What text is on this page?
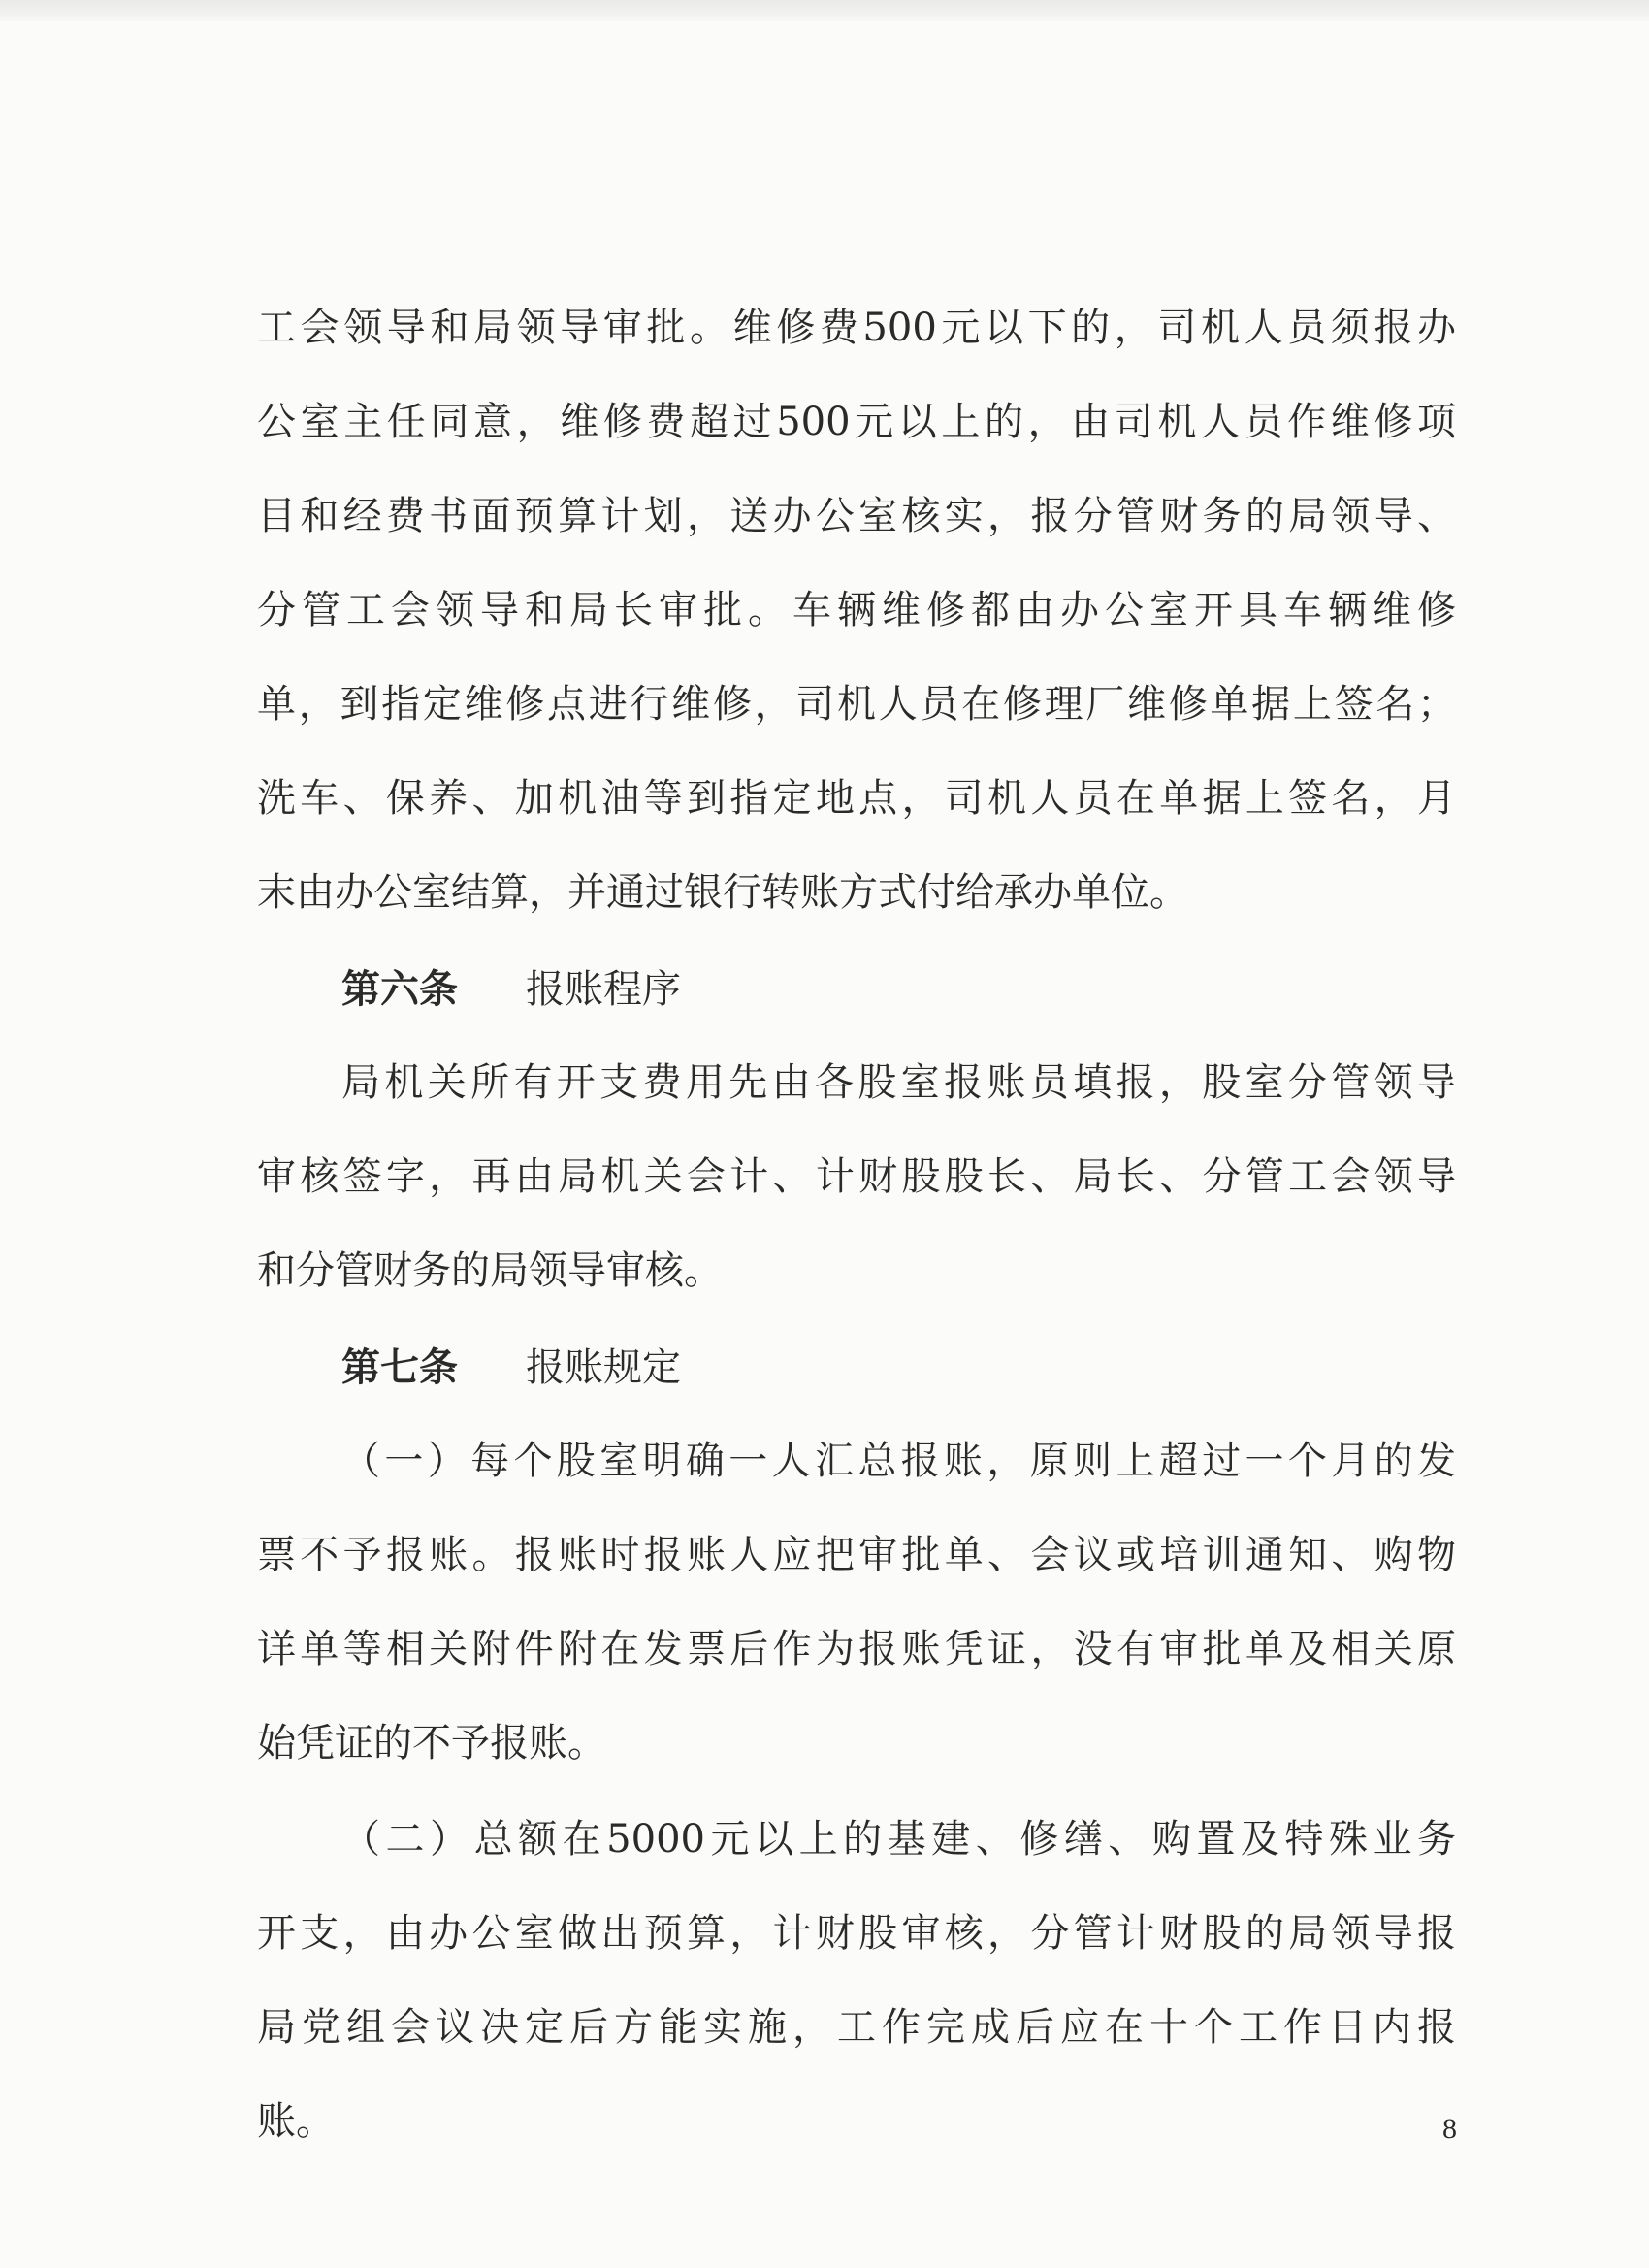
工会领导和局领导审批。维修费500元以下的，司机人员须报办
公室主任同意，维修费超过500元以上的，由司机人员作维修项
目和经费书面预算计划，送办公室核实，报分管财务的局领导、
分管工会领导和局长审批。车辆维修都由办公室开具车辆维修
单，到指定维修点进行维修，司机人员在修理厂维修单据上签名；
洗车、保养、加机油等到指定地点，司机人员在单据上签名，月
末由办公室结算，并通过银行转账方式付给承办单位。
第六条 报账程序
局机关所有开支费用先由各股室报账员填报，股室分管领导
审核签字，再由局机关会计、计财股股长、局长、分管工会领导
和分管财务的局领导审核。
第七条 报账规定
（一）每个股室明确一人汇总报账，原则上超过一个月的发
票不予报账。报账时报账人应把审批单、会议或培训通知、购物
详单等相关附件附在发票后作为报账凭证，没有审批单及相关原
始凭证的不予报账。
（二）总额在5000元以上的基建、修缮、购置及特殊业务
开支，由办公室做出预算，计财股审核，分管计财股的局领导报
局党组会议决定后方能实施，工作完成后应在十个工作日内报
账。	8
